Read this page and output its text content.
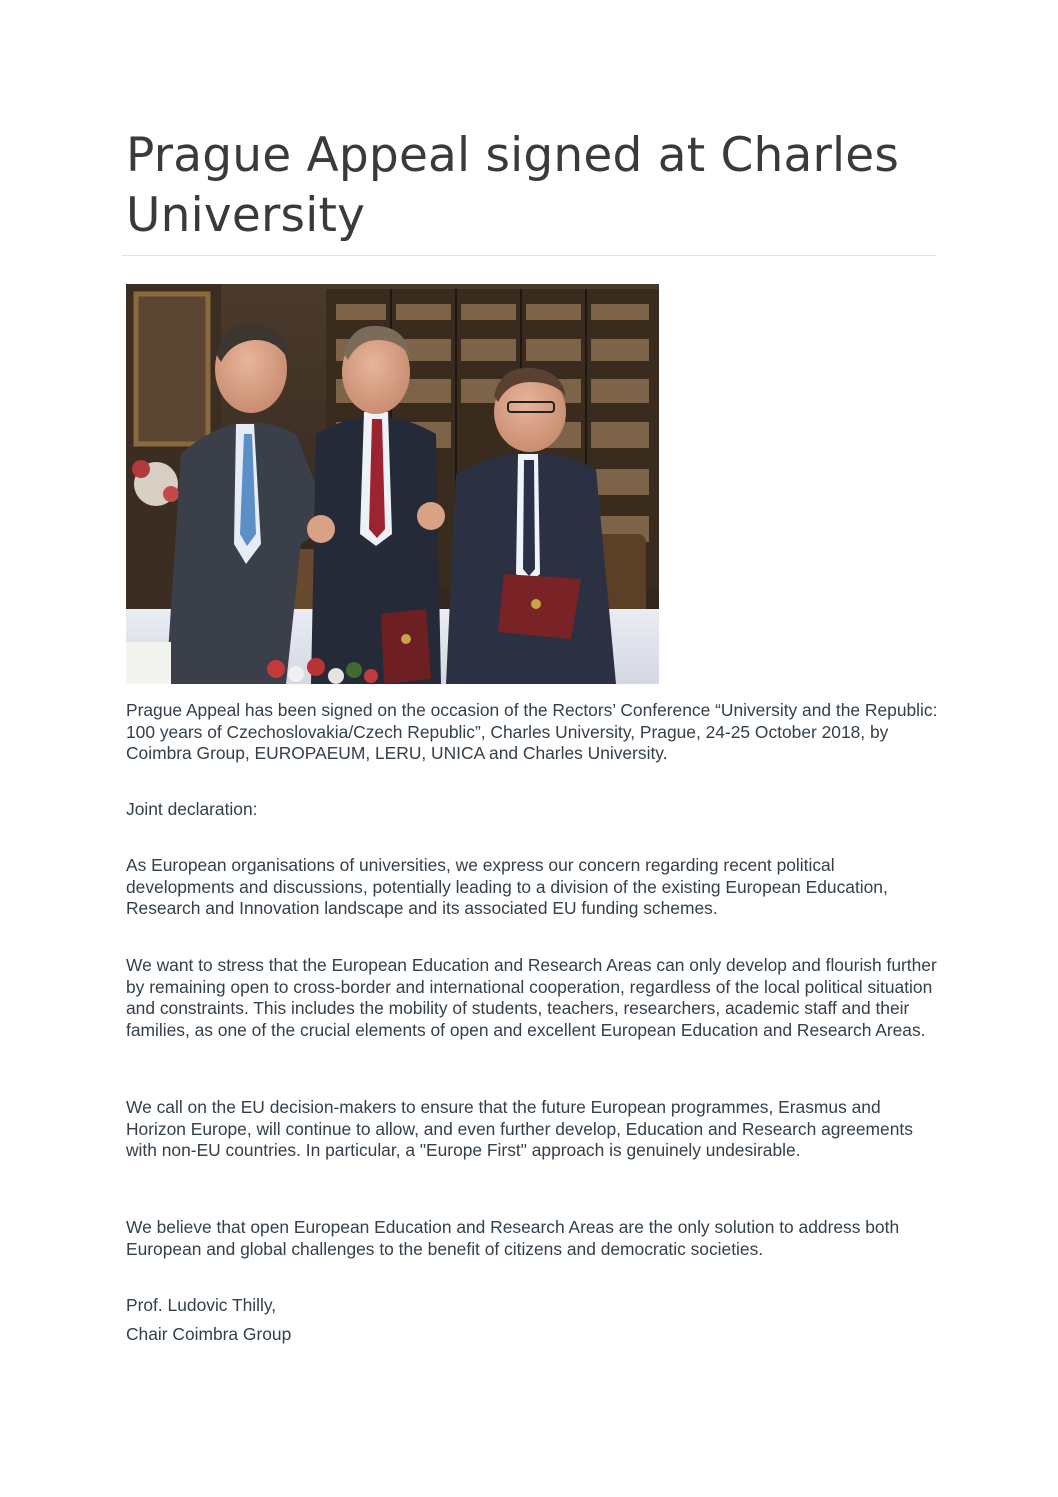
Prague Appeal signed at Charles University

Prague Appeal has been signed on the occasion of the Rectors’ Conference “University and the Republic: 100 years of Czechoslovakia/Czech Republic”, Charles University, Prague, 24-25 October 2018, by Coimbra Group, EUROPAEUM, LERU, UNICA and Charles University.

Joint declaration:

As European organisations of universities, we express our concern regarding recent political developments and discussions, potentially leading to a division of the existing European Education, Research and Innovation landscape and its associated EU funding schemes.

We want to stress that the European Education and Research Areas can only develop and flourish further by remaining open to cross-border and international cooperation, regardless of the local political situation and constraints. This includes the mobility of students, teachers, researchers, academic staff and their families, as one of the crucial elements of open and excellent European Education and Research Areas.

We call on the EU decision-makers to ensure that the future European programmes, Erasmus and Horizon Europe, will continue to allow, and even further develop, Education and Research agreements with non-EU countries. In particular, a "Europe First" approach is genuinely undesirable.

We believe that open European Education and Research Areas are the only solution to address both European and global challenges to the benefit of citizens and democratic societies.

Prof. Ludovic Thilly,

Chair Coimbra Group
